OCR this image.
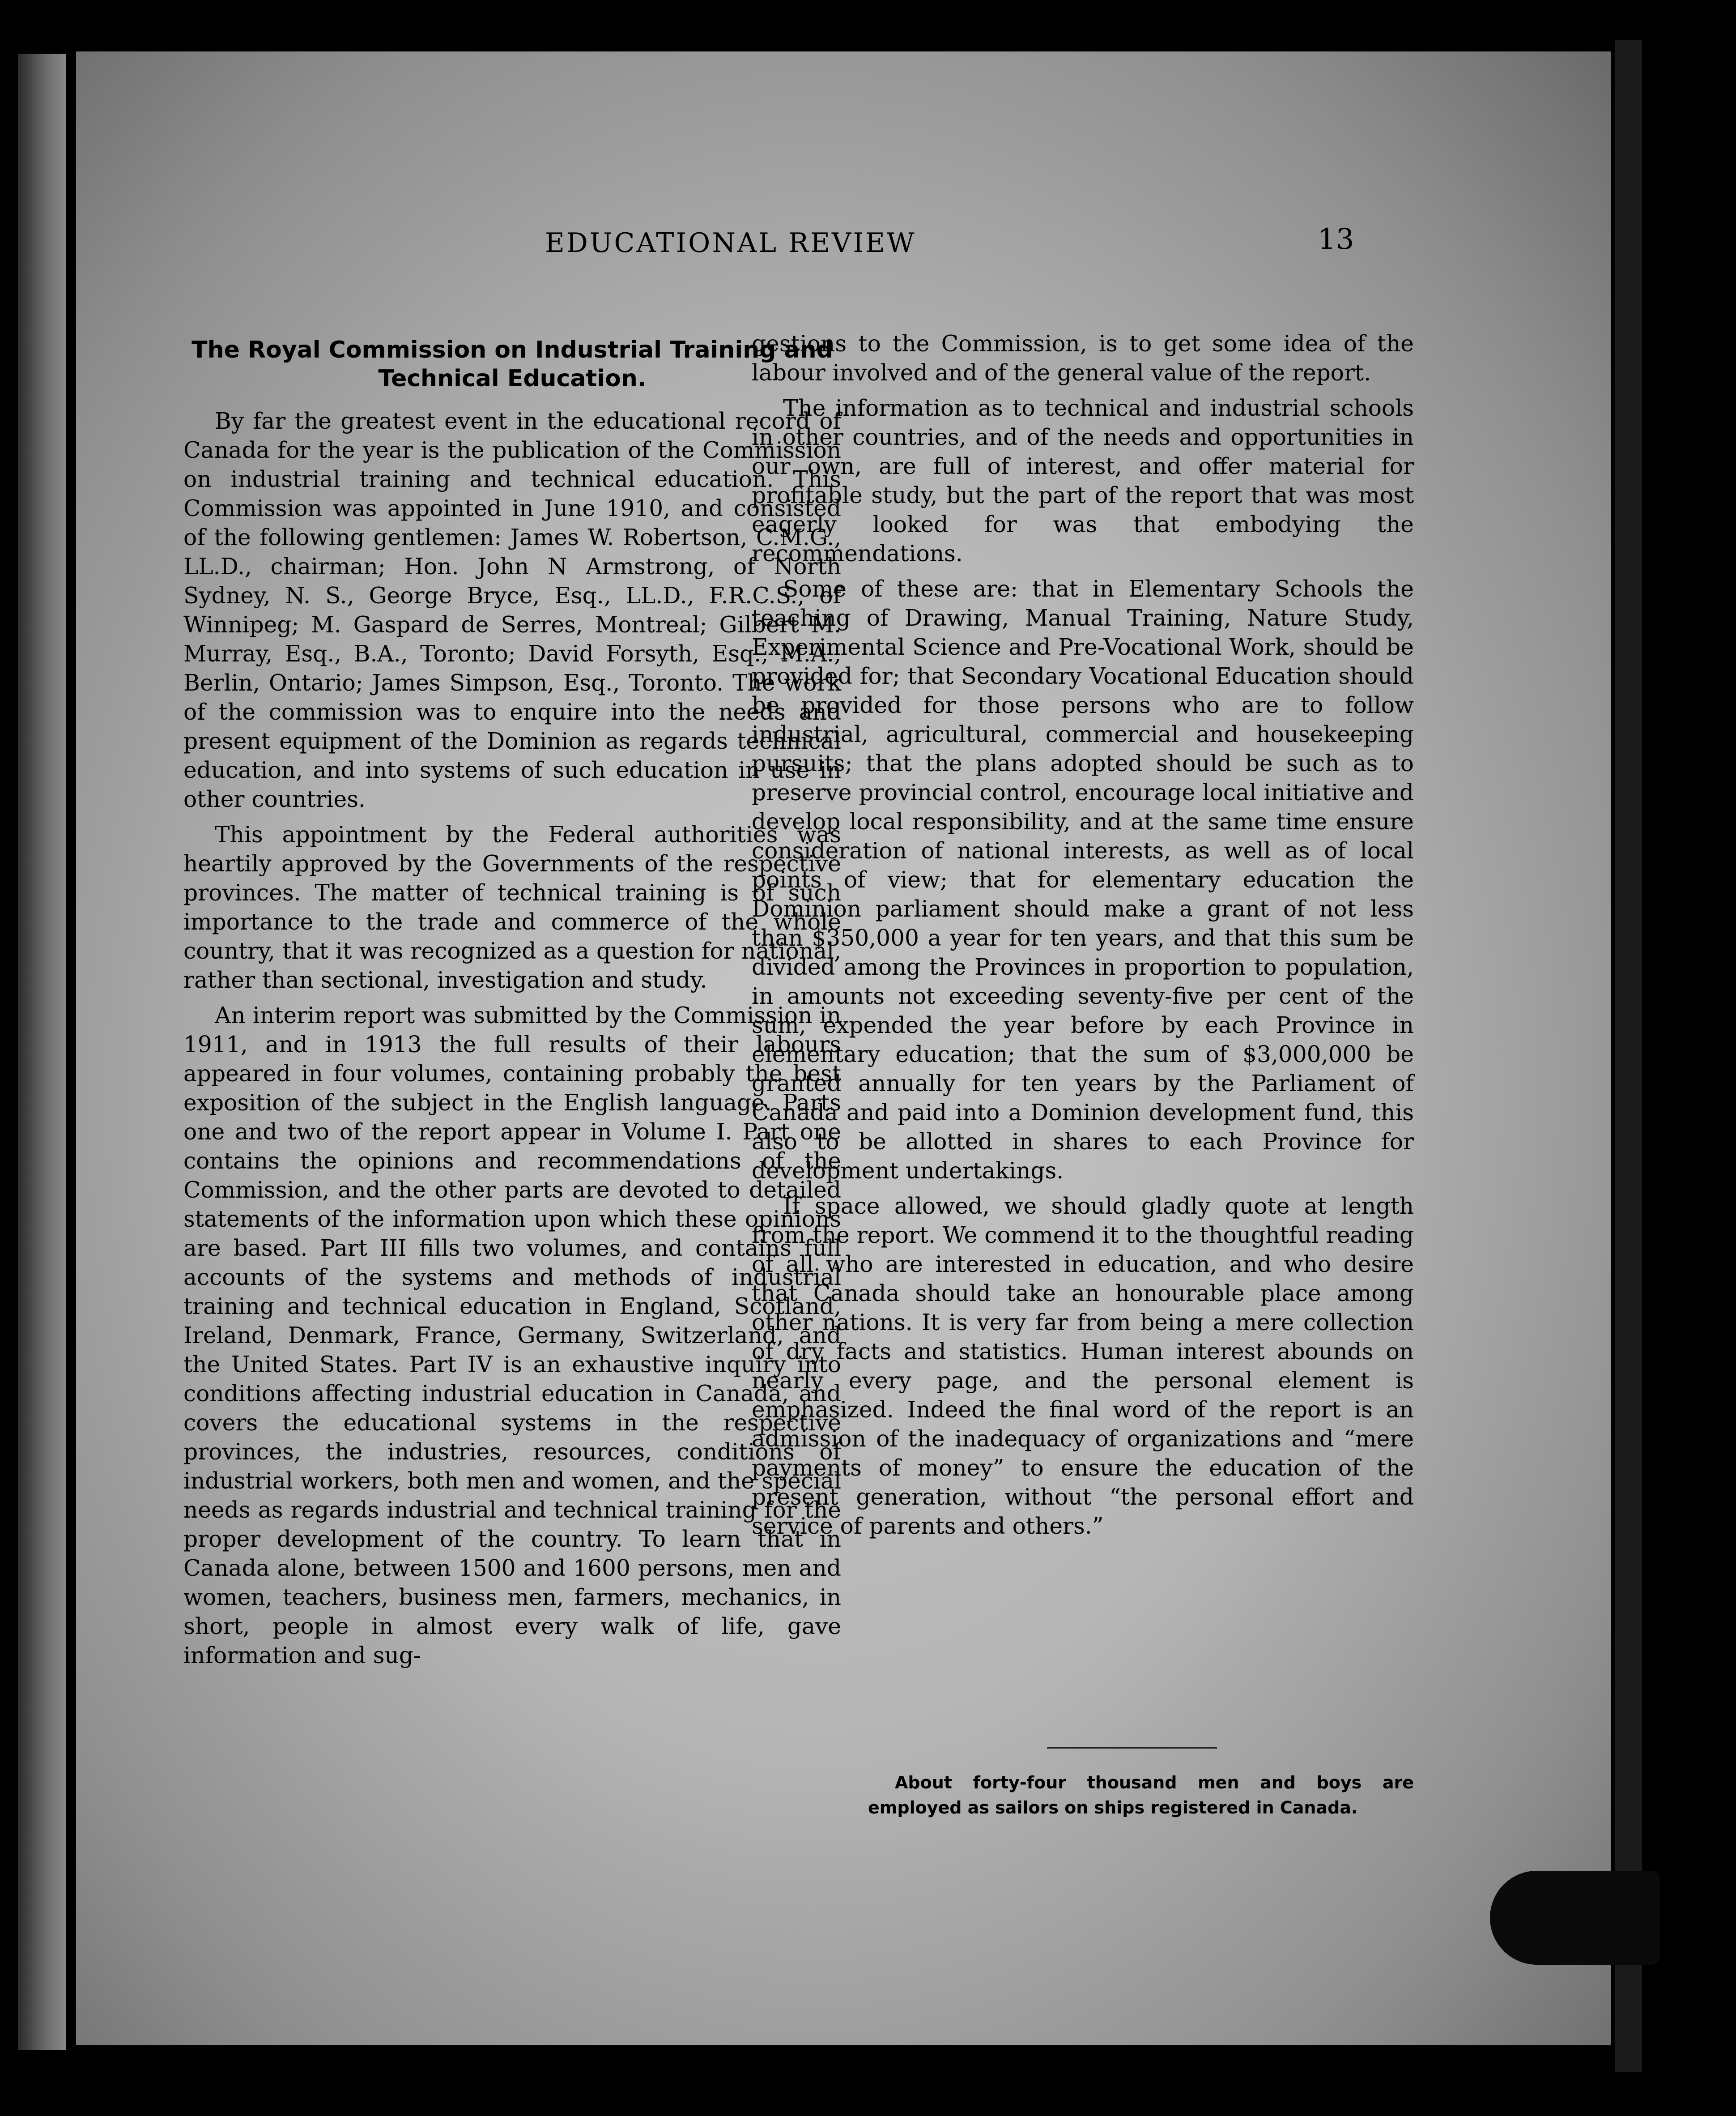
EDUCATIONAL REVIEW	13
The Royal Commission on Industrial Training and Technical Education.

By far the greatest event in the educational record of Canada for the year is the publication of the Commission on industrial training and technical education. This Commission was appointed in June 1910, and consisted of the following gentlemen: James W. Robertson, C.M.G., LL.D., chairman; Hon. John N Armstrong, of North Sydney, N. S., George Bryce, Esq., LL.D., F.R.C.S., of Winnipeg; M. Gaspard de Serres, Montreal; Gilbert M. Murray, Esq., B.A., Toronto; David Forsyth, Esq., M.A., Berlin, Ontario; James Simpson, Esq., Toronto. The work of the commission was to enquire into the needs and present equipment of the Dominion as regards technical education, and into systems of such education in use in other countries.

This appointment by the Federal authorities was heartily approved by the Governments of the respective provinces. The matter of technical training is of such importance to the trade and commerce of the whole country, that it was recognized as a question for national, rather than sectional, investigation and study.

An interim report was submitted by the Commission in 1911, and in 1913 the full results of their labours appeared in four volumes, containing probably the best exposition of the subject in the English language. Parts one and two of the report appear in Volume I. Part one contains the opinions and recommendations of the Commission, and the other parts are devoted to detailed statements of the information upon which these opinions are based. Part III fills two volumes, and contains full accounts of the systems and methods of industrial training and technical education in England, Scotland, Ireland, Denmark, France, Germany, Switzerland, and the United States. Part IV is an exhaustive inquiry into conditions affecting industrial education in Canada, and covers the educational systems in the respective provinces, the industries, resources, conditions of industrial workers, both men and women, and the special needs as regards industrial and technical training for the proper development of the country. To learn that in Canada alone, between 1500 and 1600 persons, men and women, teachers, business men, farmers, mechanics, in short, people in almost every walk of life, gave information and sug-

gestions to the Commission, is to get some idea of the labour involved and of the general value of the report.

The information as to technical and industrial schools in other countries, and of the needs and opportunities in our own, are full of interest, and offer material for profitable study, but the part of the report that was most eagerly looked for was that embodying the recommendations.

Some of these are: that in Elementary Schools the teaching of Drawing, Manual Training, Nature Study, Experimental Science and Pre-Vocational Work, should be provided for; that Secondary Vocational Education should be provided for those persons who are to follow industrial, agricultural, commercial and housekeeping pursuits; that the plans adopted should be such as to preserve provincial control, encourage local initiative and develop local responsibility, and at the same time ensure consideration of national interests, as well as of local points of view; that for elementary education the Dominion parliament should make a grant of not less than $350,000 a year for ten years, and that this sum be divided among the Provinces in proportion to population, in amounts not exceeding seventy-five per cent of the sum, expended the year before by each Province in elementary education; that the sum of $3,000,000 be granted annually for ten years by the Parliament of Canada and paid into a Dominion development fund, this also to be allotted in shares to each Province for development undertakings.

If space allowed, we should gladly quote at length from the report. We commend it to the thoughtful reading of all who are interested in education, and who desire that Canada should take an honourable place among other nations. It is very far from being a mere collection of dry facts and statistics. Human interest abounds on nearly every page, and the personal element is emphasized. Indeed the final word of the report is an admission of the inadequacy of organizations and “mere payments of money” to ensure the education of the present generation, without “the personal effort and service of parents and others.”

About forty-four thousand men and boys are employed as sailors on ships registered in Canada.
